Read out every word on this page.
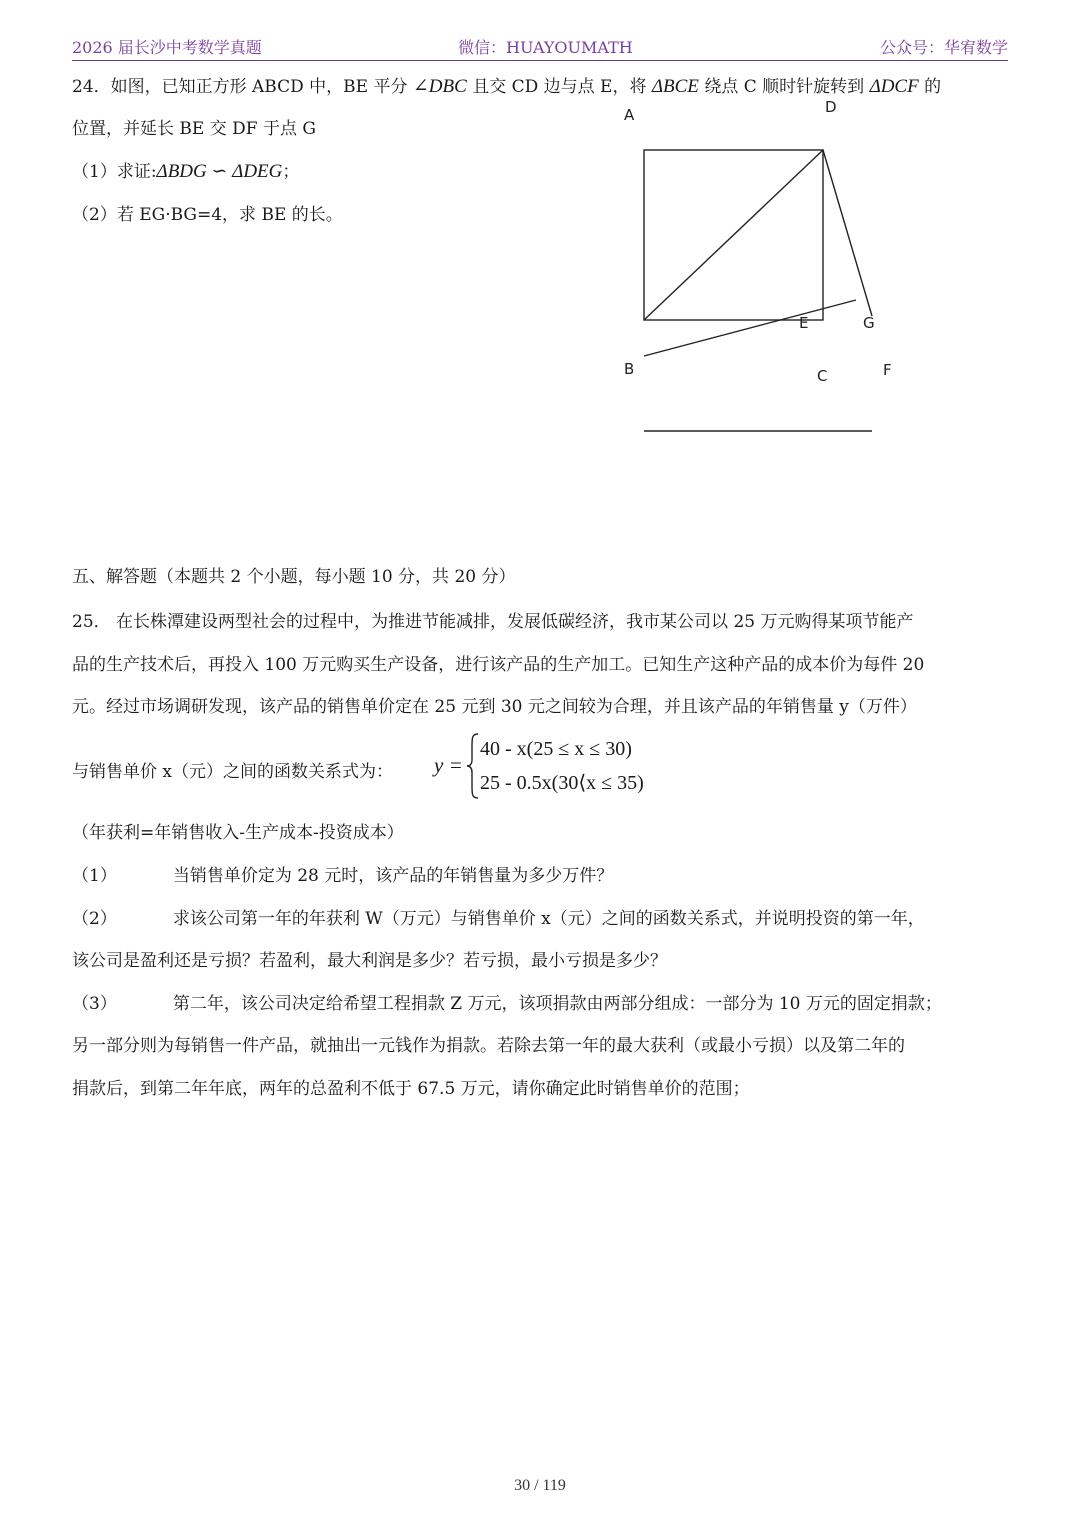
2026 届长沙中考数学真题	微信：HUAYOUMATH	公众号：华宥数学
24．如图，已知正方形 ABCD 中，BE 平分 ∠DBC 且交 CD 边与点 E，将 ΔBCE 绕点 C 顺时针旋转到 ΔDCF 的
位置，并延长 BE 交 DF 于点 G
（1）求证:ΔBDG ∽ ΔDEG；
（2）若 EG·BG=4，求 BE 的长。
A	D
E	G
B	C	F
五、解答题（本题共 2 个小题，每小题 10 分，共 20 分）
25． 在长株潭建设两型社会的过程中，为推进节能减排，发展低碳经济，我市某公司以 25 万元购得某项节能产
品的生产技术后，再投入 100 万元购买生产设备，进行该产品的生产加工。已知生产这种产品的成本价为每件 20
元。经过市场调研发现，该产品的销售单价定在 25 元到 30 元之间较为合理，并且该产品的年销售量 y（万件）
与销售单价 x（元）之间的函数关系式为： y =
40 - x(25 ≤ x ≤ 30)
25 - 0.5x(30⟨x ≤ 35)
（年获利=年销售收入-生产成本-投资成本）
（1）	当销售单价定为 28 元时，该产品的年销售量为多少万件？
（2）	求该公司第一年的年获利 W（万元）与销售单价 x（元）之间的函数关系式，并说明投资的第一年，
该公司是盈利还是亏损？若盈利，最大利润是多少？若亏损，最小亏损是多少？
（3）	第二年，该公司决定给希望工程捐款 Z 万元，该项捐款由两部分组成：一部分为 10 万元的固定捐款；
另一部分则为每销售一件产品，就抽出一元钱作为捐款。若除去第一年的最大获利（或最小亏损）以及第二年的
捐款后，到第二年年底，两年的总盈利不低于 67.5 万元，请你确定此时销售单价的范围；
30 / 119
